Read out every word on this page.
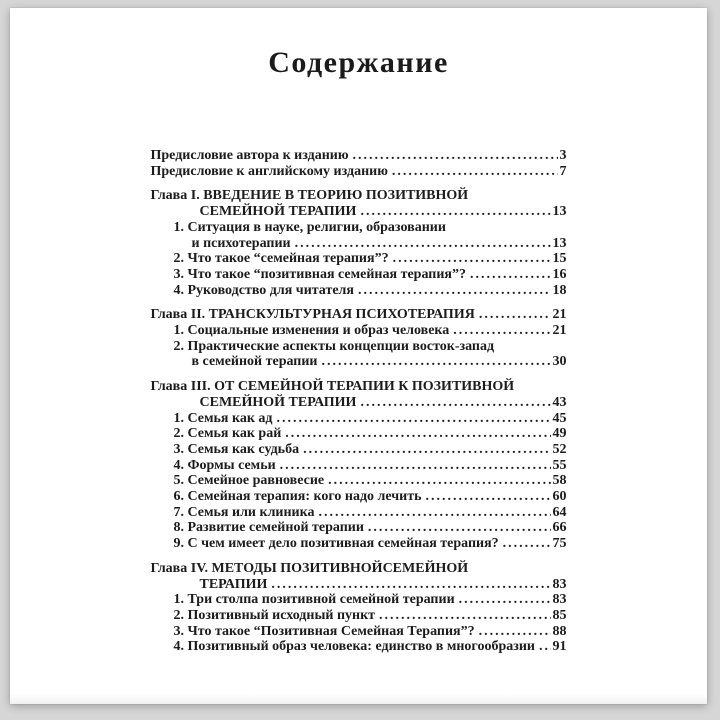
Содержание
Предисловие автора к изданию .....	3
Предисловие к английскому изданию .....	7
Глава I. ВВЕДЕНИЕ В ТЕОРИЮ ПОЗИТИВНОЙ
СЕМЕЙНОЙ ТЕРАПИИ .....	13
1. Ситуация в науке, религии, образовании
и психотерапии .....	13
2. Что такое “семейная терапия”? .....	15
3. Что такое “позитивная семейная терапия”? .....	16
4. Руководство для читателя .....	18
Глава II. ТРАНСКУЛЬТУРНАЯ ПСИХОТЕРАПИЯ .....	21
1. Социальные изменения и образ человека .....	21
2. Практические аспекты концепции восток-запад
в семейной терапии .....	30
Глава III. ОТ СЕМЕЙНОЙ ТЕРАПИИ К ПОЗИТИВНОЙ
СЕМЕЙНОЙ ТЕРАПИИ .....	43
1. Семья как ад .....	45
2. Семья как рай .....	49
3. Семья как судьба .....	52
4. Формы семьи .....	55
5. Семейное равновесие .....	58
6. Семейная терапия: кого надо лечить .....	60
7. Семья или клиника .....	64
8. Развитие семейной терапии .....	66
9. С чем имеет дело позитивная семейная терапия? .....	75
Глава IV. МЕТОДЫ ПОЗИТИВНОЙСЕМЕЙНОЙ
ТЕРАПИИ .....	83
1. Три столпа позитивной семейной терапии .....	83
2. Позитивный исходный пункт .....	85
3. Что такое “Позитивная Семейная Терапия”? .....	88
4. Позитивный образ человека: единство в многообразии ..... 91
